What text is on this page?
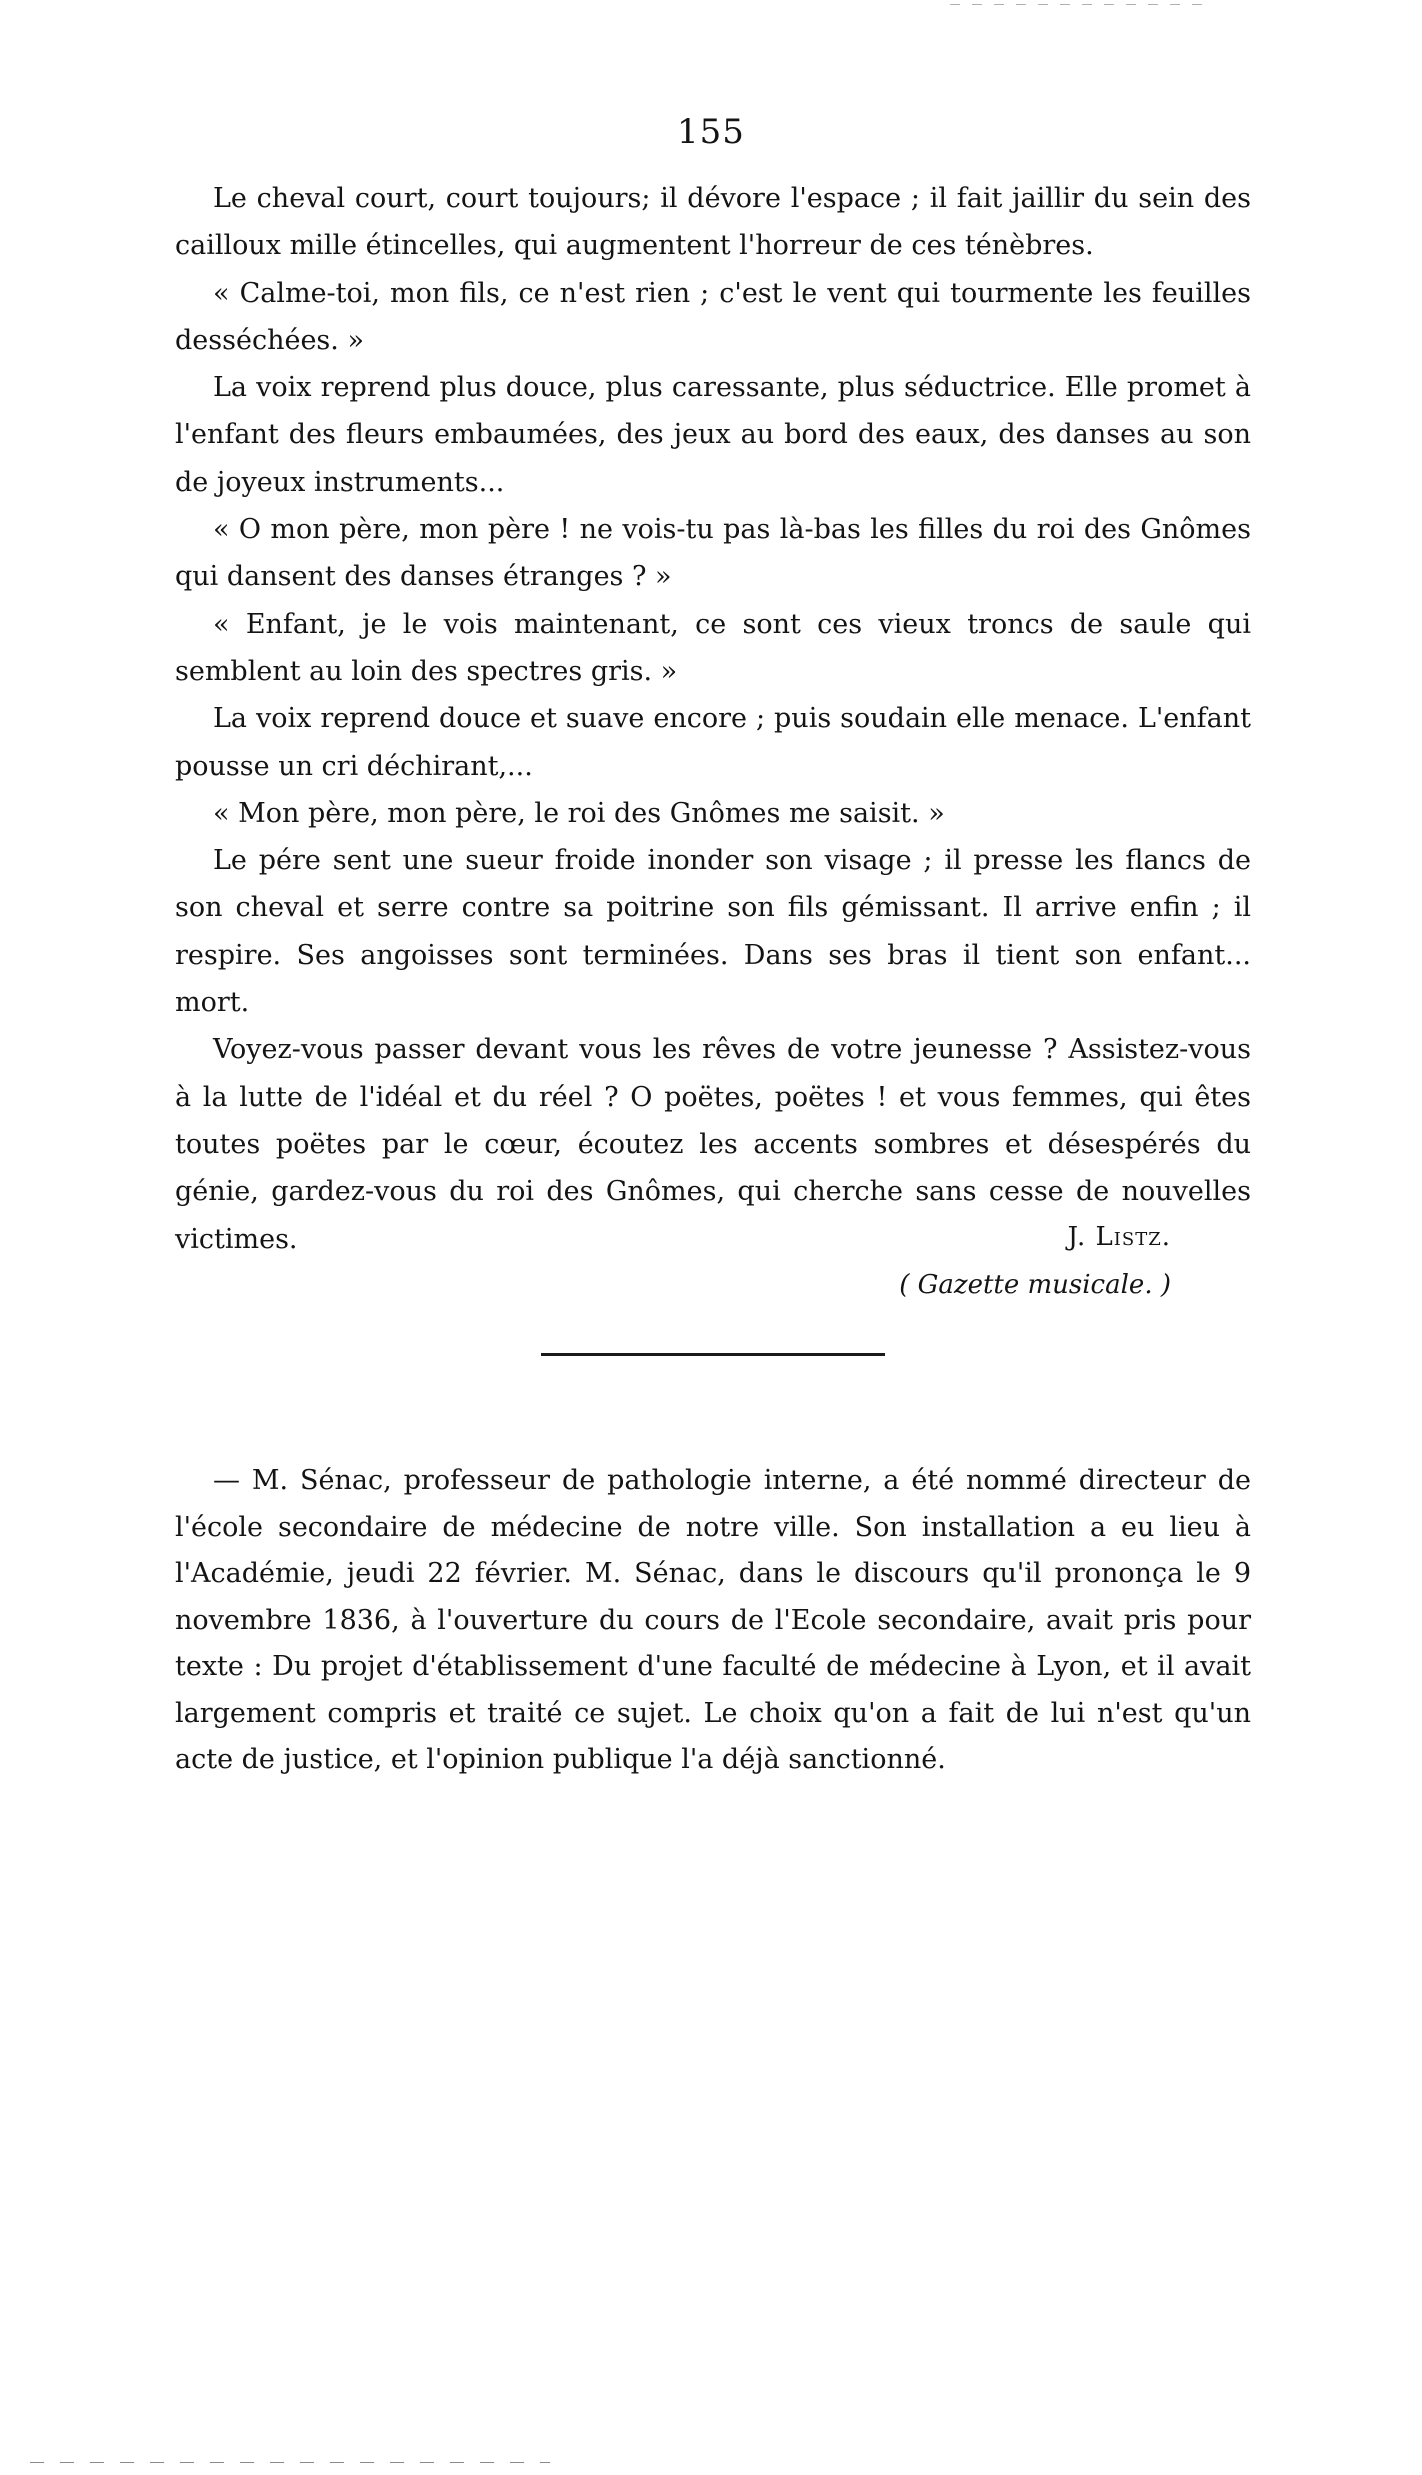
155

Le cheval court, court toujours; il dévore l'espace ; il fait jaillir du sein des cailloux mille étincelles, qui augmentent l'horreur de ces ténèbres.

« Calme-toi, mon fils, ce n'est rien ; c'est le vent qui tourmente les feuilles desséchées. »

La voix reprend plus douce, plus caressante, plus séductrice. Elle promet à l'enfant des fleurs embaumées, des jeux au bord des eaux, des danses au son de joyeux instruments...

« O mon père, mon père ! ne vois-tu pas là-bas les filles du roi des Gnômes qui dansent des danses étranges ? »

« Enfant, je le vois maintenant, ce sont ces vieux troncs de saule qui semblent au loin des spectres gris. »

La voix reprend douce et suave encore ; puis soudain elle menace. L'enfant pousse un cri déchirant,...

« Mon père, mon père, le roi des Gnômes me saisit. »

Le pére sent une sueur froide inonder son visage ; il presse les flancs de son cheval et serre contre sa poitrine son fils gémissant. Il arrive enfin ; il respire. Ses angoisses sont terminées. Dans ses bras il tient son enfant... mort.

Voyez-vous passer devant vous les rêves de votre jeunesse ? Assistez-vous à la lutte de l'idéal et du réel ? O poëtes, poëtes ! et vous femmes, qui êtes toutes poëtes par le cœur, écoutez les accents sombres et désespérés du génie, gardez-vous du roi des Gnômes, qui cherche sans cesse de nouvelles victimes.	J. Listz.
( Gazette musicale. )

— M. Sénac, professeur de pathologie interne, a été nommé directeur de l'école secondaire de médecine de notre ville. Son installation a eu lieu à l'Académie, jeudi 22 février. M. Sénac, dans le discours qu'il prononça le 9 novembre 1836, à l'ouverture du cours de l'Ecole secondaire, avait pris pour texte : Du projet d'établissement d'une faculté de médecine à Lyon, et il avait largement compris et traité ce sujet. Le choix qu'on a fait de lui n'est qu'un acte de justice, et l'opinion publique l'a déjà sanctionné.
